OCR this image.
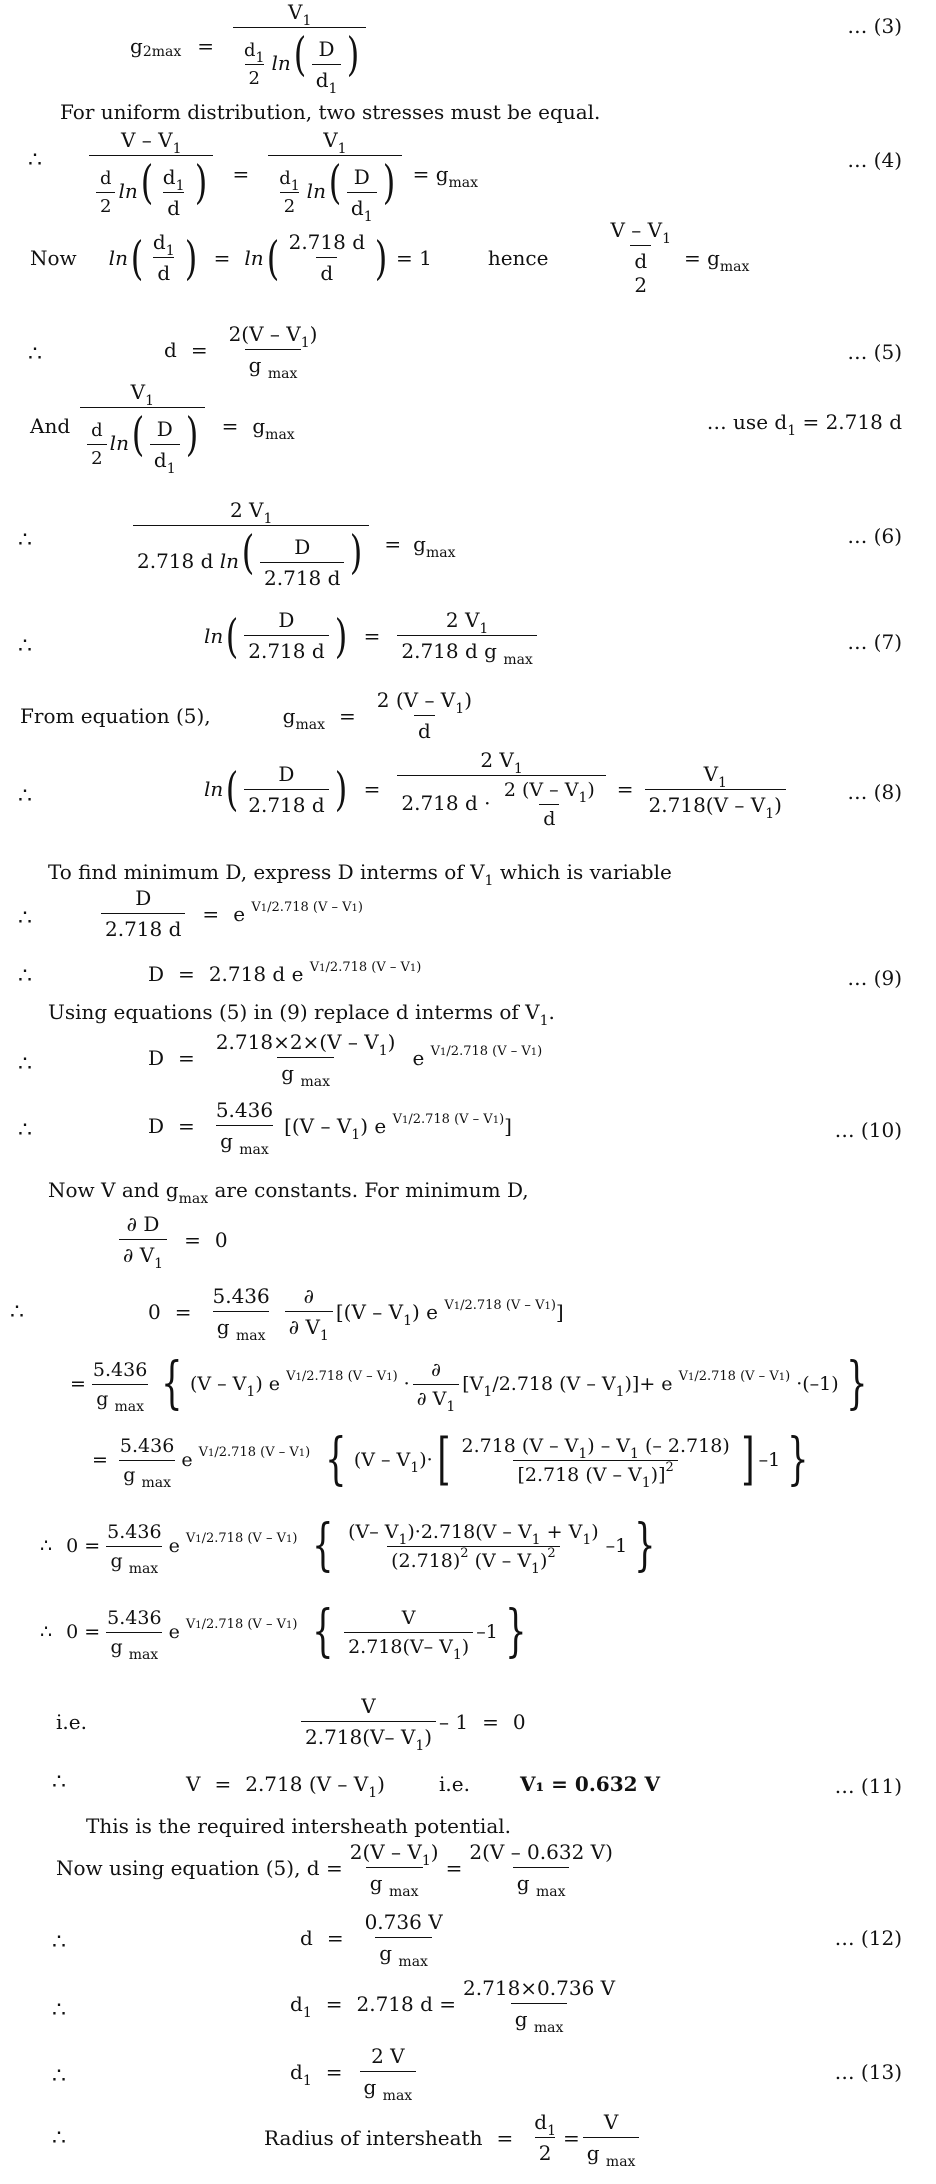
g $2\max = \frac{V_1}{\frac{d_1}{2} \ln( \frac{D}{d_1} )}$	… (3)
For uniform distribution, two stresses must be equal.
∴ $\frac{V - V_1}{\frac{d}{2} \ln( \frac{d_1}{d} )} = \frac{V_1}{\frac{d_1}{2} \ln( \frac{D}{d_1} )} = g_{max}$
… (4)
Now ln ( $\frac{d_1}{d}$ ) = ln ( $\frac{2.718 d}{d}$ ) = 1	hence
V – $V_1$
d
2
= $g_{max}$
∴	$d = \frac{2(V - V_1)}{g _{max}}$	… (5)
And $\frac{V_1}{\frac{d}{2} \ln( \frac{D}{d_1} )} = g_{max}$
… use $d_1 = 2.718$ d
∴	$\frac{2 V_1}{2.718 d \ln( \frac{D}{2.718 d} )} = g_{max}$
… (6)
∴	ln ( $\frac{D}{2.718 d}$ ) = $\frac{2 V_1}{2.718 d g _{max}}$	… (7)
From equation (5),	$g_{max} = \frac{2 (V - V_1)}{d}$
∴	ln ( $\frac{D}{2.718 d}$ ) = $\frac{2 V_1}{2.718 d \cdot \frac{2 (V - V_1)}{d}} = \frac{V_1}{2.718(V - V_1)}$	… (8)
To find minimum D, express D interms of $V_1$ which is variable
∴	$\frac{D}{2.718 d} = e$ $^{V1/2.718 (V - V1)}$
∴	D = 2.718 d e $^{V1/2.718 (V - V1)}$	… (9)
Using equations (5) in (9) replace d interms of $V_1$.
∴	$D = \frac{2.718\times 2\times(V - V_1)}{g _{max}}$ e $^{V1/2.718 (V - V1)}$
∴	$D = \frac{5.436}{g _{max}} [(V - V_1)$ e $^{V1/2.718 (V - V1)}$]	… (10)
Now V and $g_{max}$ are constants. For minimum D,
$\frac{\partial D}{\partial V_1} = 0$
∴	$0 = \frac{5.436}{g _{max}} \frac{\partial}{\partial V_1} [(V - V_1)$ e $^{V1/2.718 (V - V1)}$]
= $\frac{5.436}{g _{max}}$ { $(V - V_1)$ e $^{V1/2.718 (V - V1)} \cdot \frac{\partial}{\partial V_1} [V_1/2.718$ $(V - V_1)]+ e$ $^{V1/2.718 (V - V1)}$ ·(–1) }
= $\frac{5.436}{g _{max}}$ e $^{V1/2.718 (V - V1)}$ { $(V - V_1)\cdot$ [ $\frac{2.718 (V - V_1) - V_1 (- 2.718)}{[2.718 (V - V_1)]^2}$ ] –1 }
∴ $0 = \frac{5.436}{g _{max}}$ e $^{V1/2.718 (V - V1)}$ { $\frac{(V- V_1)\cdot 2.718(V - V_1 + V_1)}{(2.718)^2 (V - V_1)^2} -1$ }
∴ $0 = \frac{5.436}{g _{max}}$ e $^{V1/2.718 (V - V1)}$ { $\frac{V}{2.718(V- V_1)} -1$ }
i.e.	$\frac{V}{2.718(V- V_1)} - 1 = 0$
∴	V = 2.718 $(V - V_1)$	i.e.	V₁ = 0.632 V	… (11)
This is the required intersheath potential.
Now using equation (5), $d = \frac{2(V - V_1)}{g _{max}} = \frac{2(V - 0.632 V)}{g _{max}}$
∴	$d = \frac{0.736 V}{g _{max}}$	… (12)
∴	$d_1 = 2.718$ $d = \frac{2.718\times 0.736 V}{g _{max}}$
∴	$d_1 = \frac{2 V}{g _{max}}$	… (13)
∴	Radius of intersheath = $\frac{d_1}{2} = \frac{V}{g _{max}}$
